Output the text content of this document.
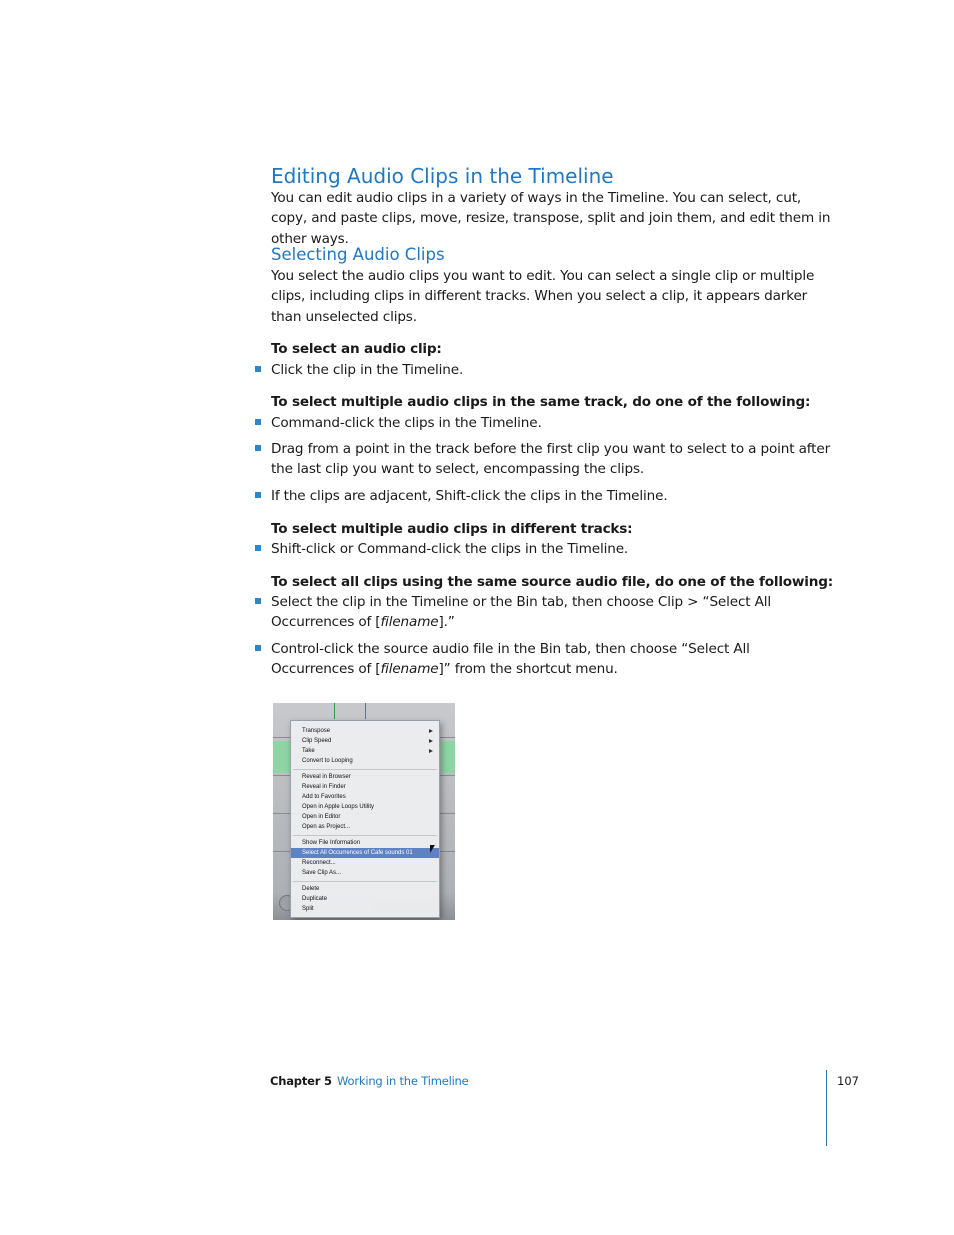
Editing Audio Clips in the Timeline

You can edit audio clips in a variety of ways in the Timeline. You can select, cut, copy, and paste clips, move, resize, transpose, split and join them, and edit them in other ways.

Selecting Audio Clips

You select the audio clips you want to edit. You can select a single clip or multiple clips, including clips in different tracks. When you select a clip, it appears darker than unselected clips.

To select an audio clip:

Click the clip in the Timeline.

To select multiple audio clips in the same track, do one of the following:

Command-click the clips in the Timeline.
Drag from a point in the track before the first clip you want to select to a point after the last clip you want to select, encompassing the clips.
If the clips are adjacent, Shift-click the clips in the Timeline.

To select multiple audio clips in different tracks:

Shift-click or Command-click the clips in the Timeline.

To select all clips using the same source audio file, do one of the following:

Select the clip in the Timeline or the Bin tab, then choose Clip > “Select All Occurrences of [filename].”
Control-click the source audio file in the Bin tab, then choose “Select All Occurrences of [filename]” from the shortcut menu.
Transpose
Clip Speed
Take
Convert to Looping
Reveal in Browser
Reveal in Finder
Add to Favorites
Open in Apple Loops Utility
Open in Editor
Open as Project...
Show File Information
Select All Occurrences of Cafe sounds 01
Reconnect...
Save Clip As...
Delete
Duplicate
Split
Chapter 5 Working in the Timeline	107
